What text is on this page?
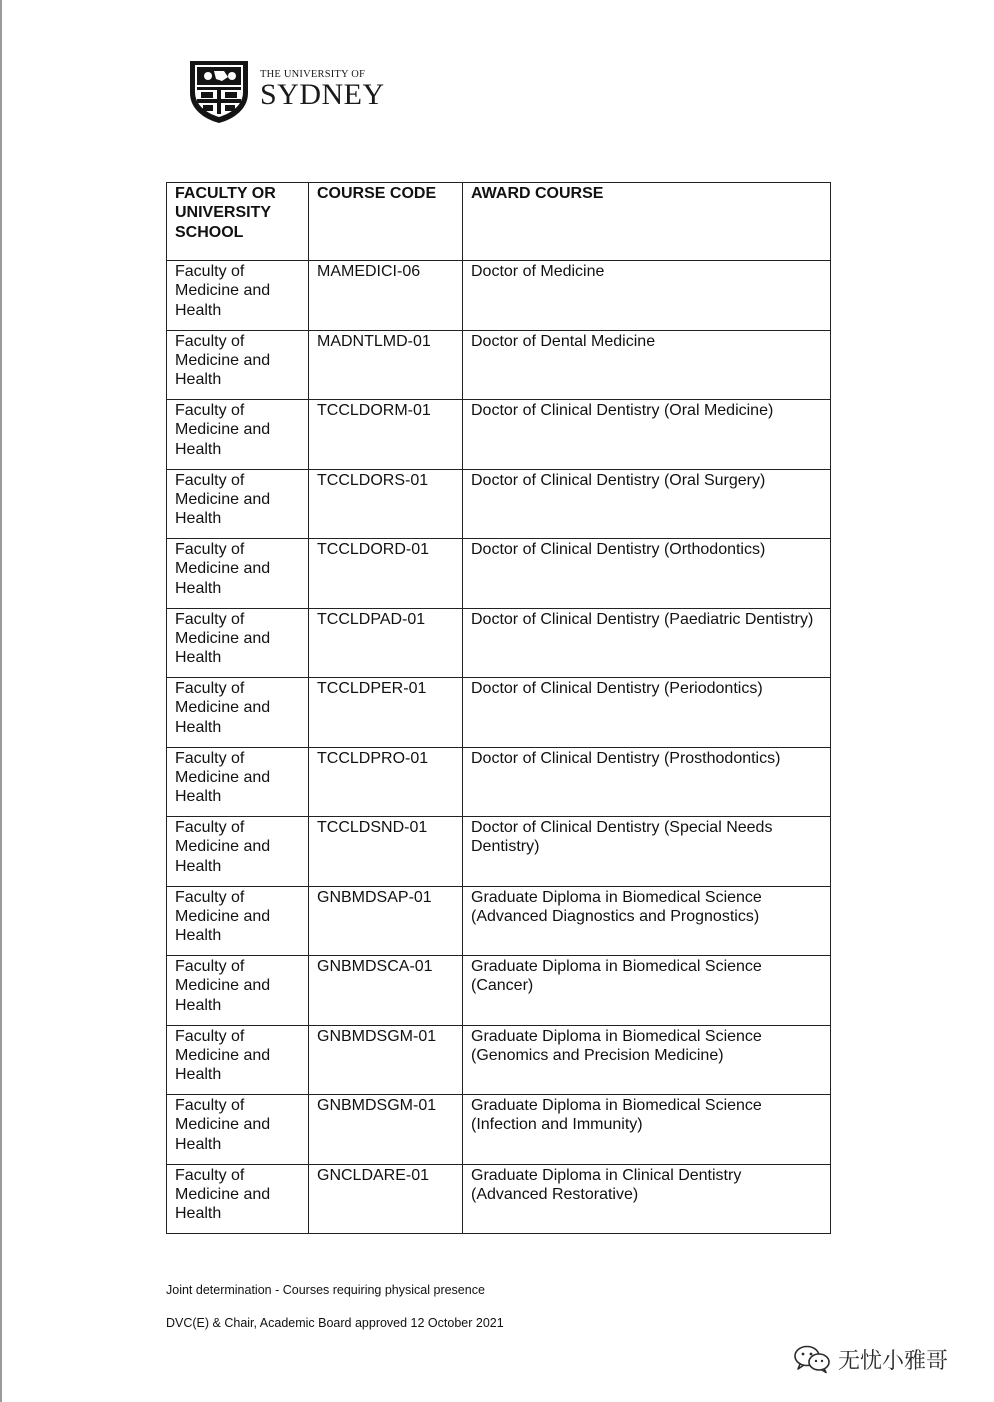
THE UNIVERSITY OF
SYDNEY
FACULTY OR UNIVERSITY SCHOOL	COURSE CODE	AWARD COURSE
Faculty of Medicine and Health	MAMEDICI-06	Doctor of Medicine
Faculty of Medicine and Health	MADNTLMD-01	Doctor of Dental Medicine
Faculty of Medicine and Health	TCCLDORM-01	Doctor of Clinical Dentistry (Oral Medicine)
Faculty of Medicine and Health	TCCLDORS-01	Doctor of Clinical Dentistry (Oral Surgery)
Faculty of Medicine and Health	TCCLDORD-01	Doctor of Clinical Dentistry (Orthodontics)
Faculty of Medicine and Health	TCCLDPAD-01	Doctor of Clinical Dentistry (Paediatric Dentistry)
Faculty of Medicine and Health	TCCLDPER-01	Doctor of Clinical Dentistry (Periodontics)
Faculty of Medicine and Health	TCCLDPRO-01	Doctor of Clinical Dentistry (Prosthodontics)
Faculty of Medicine and Health	TCCLDSND-01	Doctor of Clinical Dentistry (Special Needs Dentistry)
Faculty of Medicine and Health	GNBMDSAP-01	Graduate Diploma in Biomedical Science (Advanced Diagnostics and Prognostics)
Faculty of Medicine and Health	GNBMDSCA-01	Graduate Diploma in Biomedical Science (Cancer)
Faculty of Medicine and Health	GNBMDSGM-01	Graduate Diploma in Biomedical Science (Genomics and Precision Medicine)
Faculty of Medicine and Health	GNBMDSGM-01	Graduate Diploma in Biomedical Science (Infection and Immunity)
Faculty of Medicine and Health	GNCLDARE-01	Graduate Diploma in Clinical Dentistry (Advanced Restorative)
Joint determination - Courses requiring physical presence
DVC(E) & Chair, Academic Board approved 12 October 2021
无忧小雅哥
